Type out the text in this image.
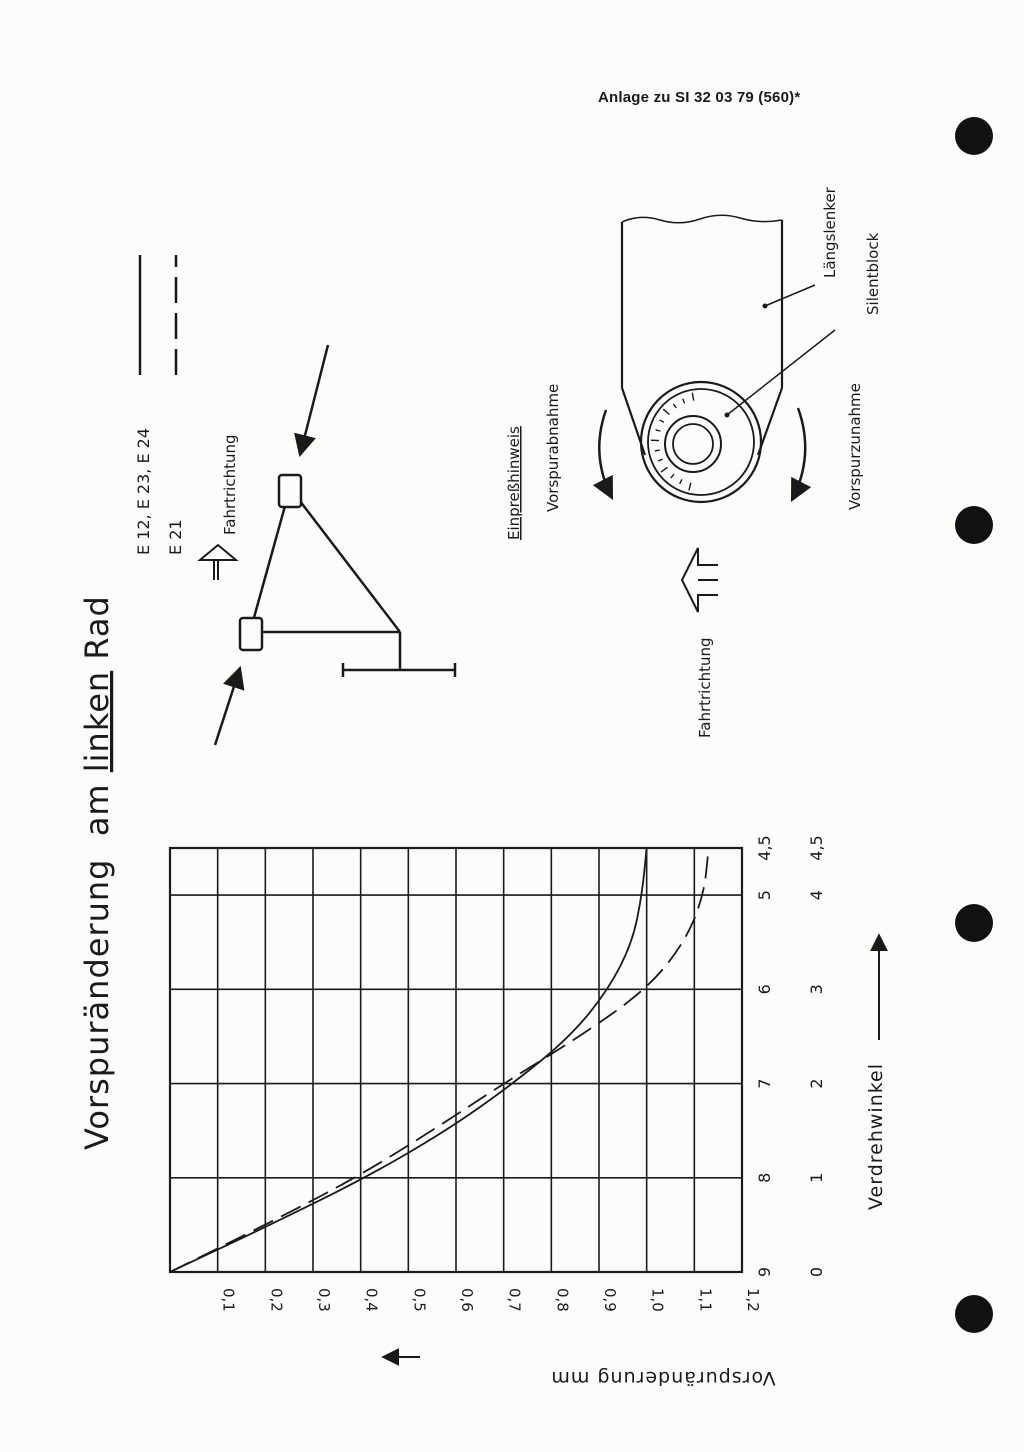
Anlage zu SI 32 03 79 (560)*
Vorspuränderung  am linken Rad
0,1 0,2 0,3 0,4 0,5 0,6 0,7 0,8 0,9 1,0 1,1 1,2
9
8
7
6
5
4,5
0
1
2
3
4
4,5
Vorspuränderung mm
Verdrehwinkel
E 12, E 23, E 24 E 21
Fahrtrichtung	Einpreßhinweis Vorspurabnahme	Vorspurzunahme
Längslenker Silentblock
Fahrtrichtung
